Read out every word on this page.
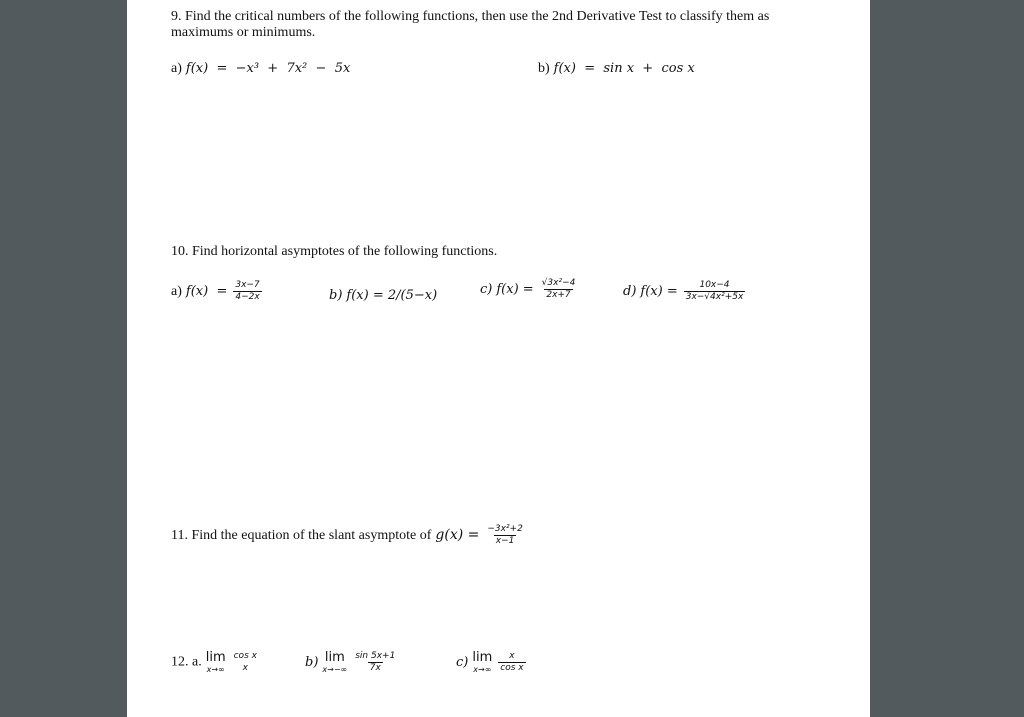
9. Find the critical numbers of the following functions, then use the 2nd Derivative Test to classify them as
maximums or minimums.
a) f(x)  =  −x³  +  7x²  −  5x	b) f(x)  =  sin x  +  cos x
10. Find horizontal asymptotes of the following functions.
a) $f(x) = \frac{3x-7}{4-2x}$	b) f(x) = 2/(5−x)	c) $f(x) = \frac{\text{√3x²−4}}{2x+7}$	d) $f(x) = \frac{10x-4}{\text{3x−√4x²+5x}}$
11. Find the equation of the slant asymptote of $g(x) = \frac{\text{−3x²+2}}{x-1}$
12. a. lim
x→∞

cos x
x	b) lim
x→−∞
$\frac{\sin 5x+1}{7x}$	c) lim
x→∞
$\frac{x}{\text{cos x}}$
